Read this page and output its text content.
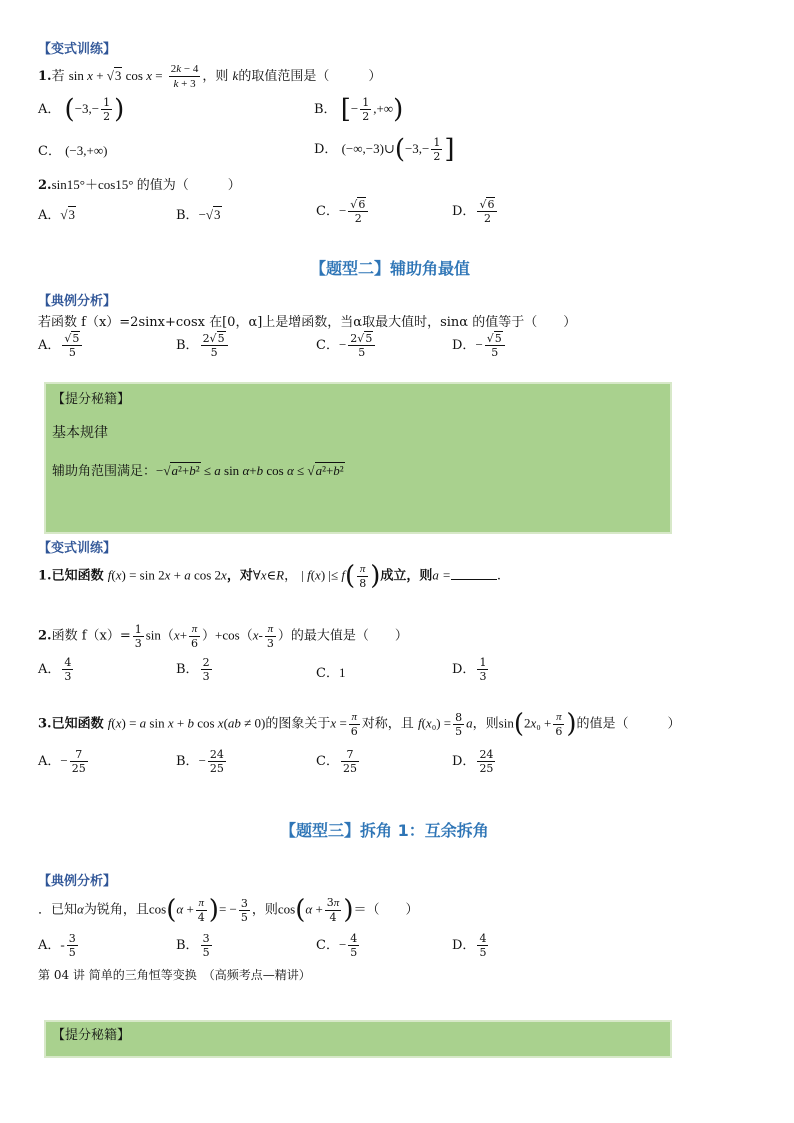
【变式训练】
1.若 sin x + √3 $\cos x = \frac{2k - 4}{k + 3}$ ，则 k的取值范围是（　　　）
A． ($-3,- \frac{1}{2}$ )	B． [− $\frac{1}{2}$ ,+∞)
C． (−3,+∞)	D． (−∞,−3)∪(−3,− $\frac{1}{2}$ ]
2.sin15°＋cos15° 的值为（　　　）
A．√3	B．−√3	C．− $\frac{√6}{2}$	D． $\frac{√6}{2}$
【题型二】辅助角最值
【典例分析】
若函数 f（x）=2sinx+cosx 在[0，α]上是增函数，当α取最大值时，sinα 的值等于（　　）
A． $\frac{√5}{5}$	B． $\frac{2√5}{5}$	C．− $\frac{2√5}{5}$	D．− $\frac{√5}{5}$
【提分秘籍】
基本规律
辅助角范围满足：−√a²+b² ≤ a sin α+b cos α ≤ √a²+b²
【变式训练】
1.已知函数 f(x) = sin 2x + a cos 2x，对∀x∈R， | f(x) |≤ $f( \frac{\pi}{8}$ )成立，则a =	.
2.函数 $f(x)= \frac{1}{3} \sin(x+ \frac{\pi}{6} )+\cos(x- \frac{\pi}{3}$ ）的最大值是（　　）
A． $\frac{4}{3}$	B． $\frac{2}{3}$	C．1	D． $\frac{1}{3}$
3.已知函数 f(x) = a sin x + b cos x(ab ≠ 0)的图象关于$x = \frac{\pi}{6}$ 对称，且 $f(x_0) = \frac{8}{5}$ a，则$\sin(2x_0 + \frac{\pi}{6}$ )的值是（　　　）
A．− $\frac{7}{25}$	B．− $\frac{24}{25}$	C． $\frac{7}{25}$	D． $\frac{24}{25}$
【题型三】拆角 1：互余拆角
【典例分析】
．已知α为锐角，且$\cos(\alpha + \frac{\pi}{4}$ )= − $\frac{3}{5}$ ，则$\cos(\alpha + \frac{3\pi}{4}$ )＝（　　）
A．- $\frac{3}{5}$	B． $\frac{3}{5}$	C．− $\frac{4}{5}$	D． $\frac{4}{5}$
第 04 讲 简单的三角恒等变换　（高频考点—精讲）
【提分秘籍】
